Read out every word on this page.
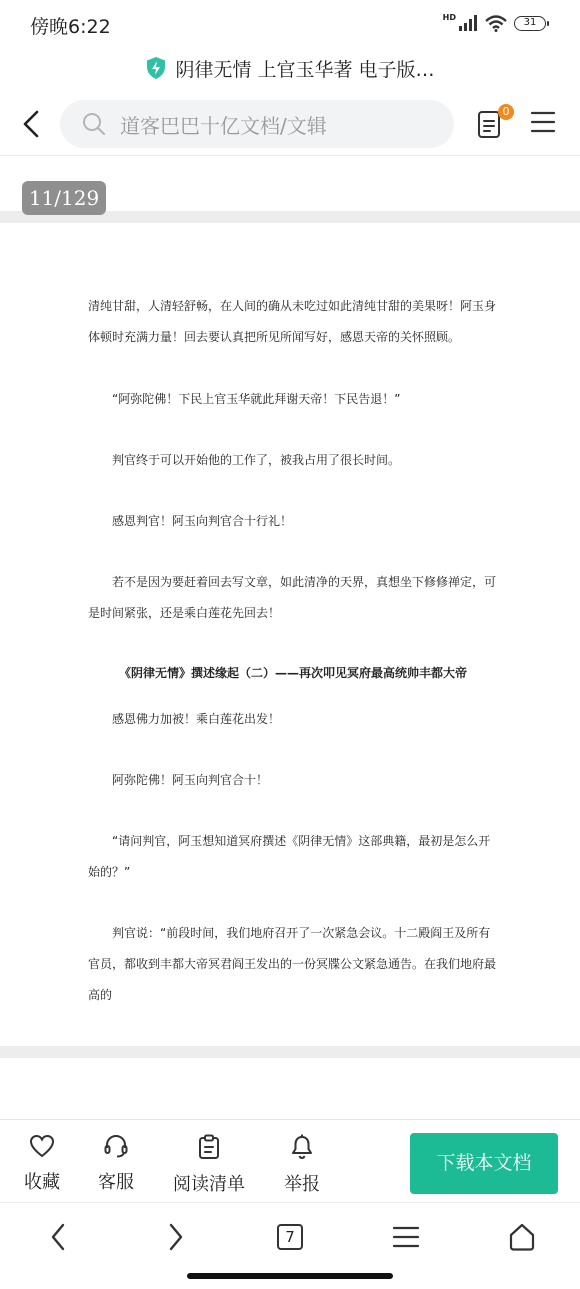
傍晚6:22	HD	31
阴律无情 上官玉华著 电子版…
道客巴巴十亿文档/文辑
0
11/129

清纯甘甜，人清轻舒畅，在人间的确从未吃过如此清纯甘甜的美果呀！阿玉身体顿时充满力量！回去要认真把所见所闻写好，感恩天帝的关怀照顾。

“阿弥陀佛！下民上官玉华就此拜谢天帝！下民告退！”

判官终于可以开始他的工作了，被我占用了很长时间。

感恩判官！阿玉向判官合十行礼！

若不是因为要赶着回去写文章，如此清净的天界，真想坐下修修禅定，可是时间紧张，还是乘白莲花先回去！

《阴律无情》撰述缘起（二）——再次叩见冥府最高统帅丰都大帝

感恩佛力加被！乘白莲花出发！

阿弥陀佛！阿玉向判官合十！

“请问判官，阿玉想知道冥府撰述《阴律无情》这部典籍，最初是怎么开始的？”

判官说：“前段时间，我们地府召开了一次紧急会议。十二殿阎王及所有官员，都收到丰都大帝冥君阎王发出的一份冥牒公文紧急通告。在我们地府最高的

收藏 客服 阅读清单 举报
下载本文档
7
